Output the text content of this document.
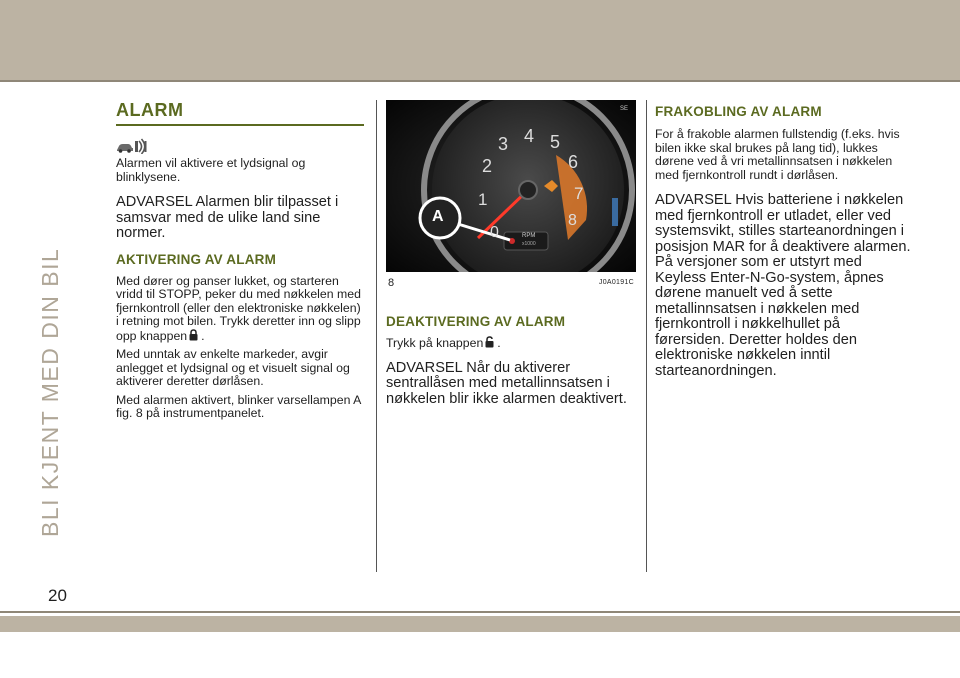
BLI KJENT MED DIN BIL
ALARM

Alarmen vil aktivere et lydsignal og blinklysene.

ADVARSEL Alarmen blir tilpasset i samsvar med de ulike land sine normer.

AKTIVERING AV ALARM

Med dører og panser lukket, og starteren vridd til STOPP, peker du med nøkkelen med fjernkontroll (eller den elektroniske nøkkelen) i retning mot bilen. Trykk deretter inn og slipp opp knappen .

Med unntak av enkelte markeder, avgir anlegget et lydsignal og et visuelt signal og aktiverer deretter dørlåsen.

Med alarmen aktivert, blinker varsellampen A fig. 8 på instrumentpanelet.

A
SE
0
1
2
3 4 5
6
7
8
RPM
x1000
8	J0A0191C
DEAKTIVERING AV ALARM

Trykk på knappen .

ADVARSEL Når du aktiverer sentrallåsen med metallinnsatsen i nøkkelen blir ikke alarmen deaktivert.

FRAKOBLING AV ALARM

For å frakoble alarmen fullstendig (f.eks. hvis bilen ikke skal brukes på lang tid), lukkes dørene ved å vri metallinnsatsen i nøkkelen med fjernkontroll rundt i dørlåsen.

ADVARSEL Hvis batteriene i nøkkelen med fjernkontroll er utladet, eller ved systemsvikt, stilles starteanordningen i posisjon MAR for å deaktivere alarmen. På versjoner som er utstyrt med Keyless Enter-N-Go-system, åpnes dørene manuelt ved å sette metallinnsatsen i nøkkelen med fjernkontroll i nøkkelhullet på førersiden. Deretter holdes den elektroniske nøkkelen inntil starteanordningen.

20
